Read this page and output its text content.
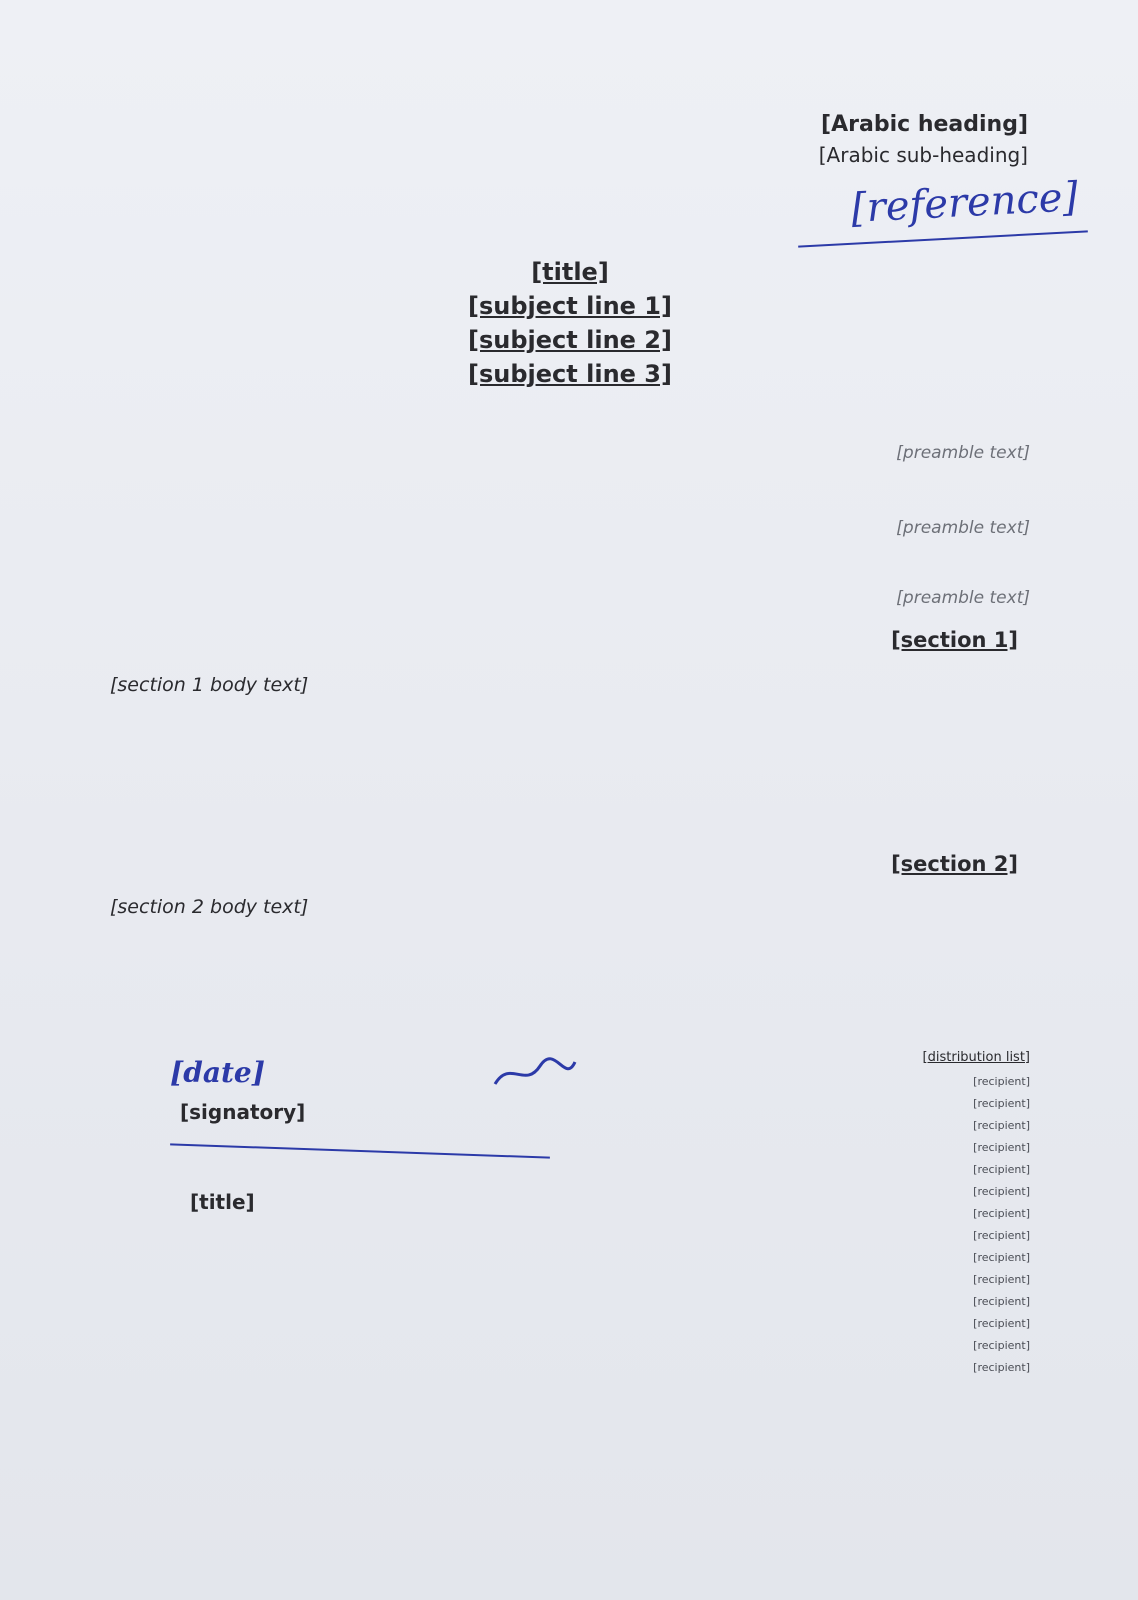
[Arabic heading]
[Arabic sub-heading]
[reference]
[title]
[subject line 1]
[subject line 2]
[subject line 3]
[preamble text]
[preamble text]
[preamble text]
[section 1]
[section 1 body text]
[section 2]
[section 2 body text]
[date]
[signatory]
[title]
[distribution list]
[recipient]
[recipient]
[recipient]
[recipient]
[recipient]
[recipient]
[recipient]
[recipient]
[recipient]
[recipient]
[recipient]
[recipient]
[recipient]
[recipient]
